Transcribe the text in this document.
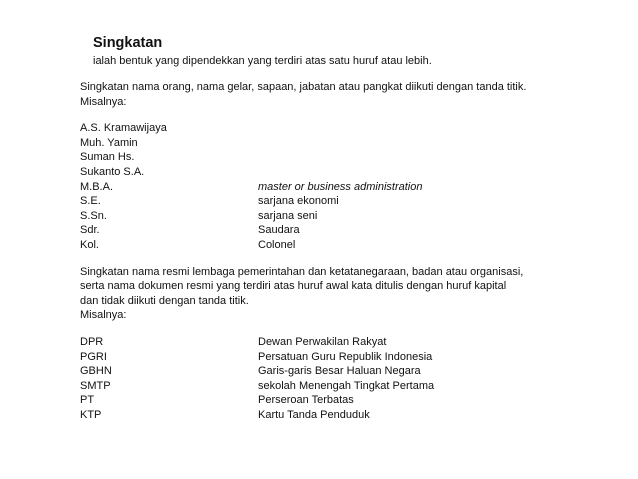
Singkatan
ialah bentuk yang dipendekkan yang terdiri atas satu huruf atau lebih.
Singkatan nama orang, nama gelar, sapaan, jabatan atau pangkat diikuti dengan tanda titik.
Misalnya:
A.S. Kramawijaya
Muh. Yamin
Suman Hs.
Sukanto S.A.
M.B.A.	master or business administration
S.E.	sarjana ekonomi
S.Sn.	sarjana seni
Sdr.	Saudara
Kol.	Colonel
Singkatan nama resmi lembaga pemerintahan dan ketatanegaraan, badan atau organisasi,
serta nama dokumen resmi yang terdiri atas huruf awal kata ditulis dengan huruf kapital
dan tidak diikuti dengan tanda titik.
Misalnya:
DPR	Dewan Perwakilan Rakyat
PGRI	Persatuan Guru Republik Indonesia
GBHN	Garis-garis Besar Haluan Negara
SMTP	sekolah Menengah Tingkat Pertama
PT	Perseroan Terbatas
KTP	Kartu Tanda Penduduk
